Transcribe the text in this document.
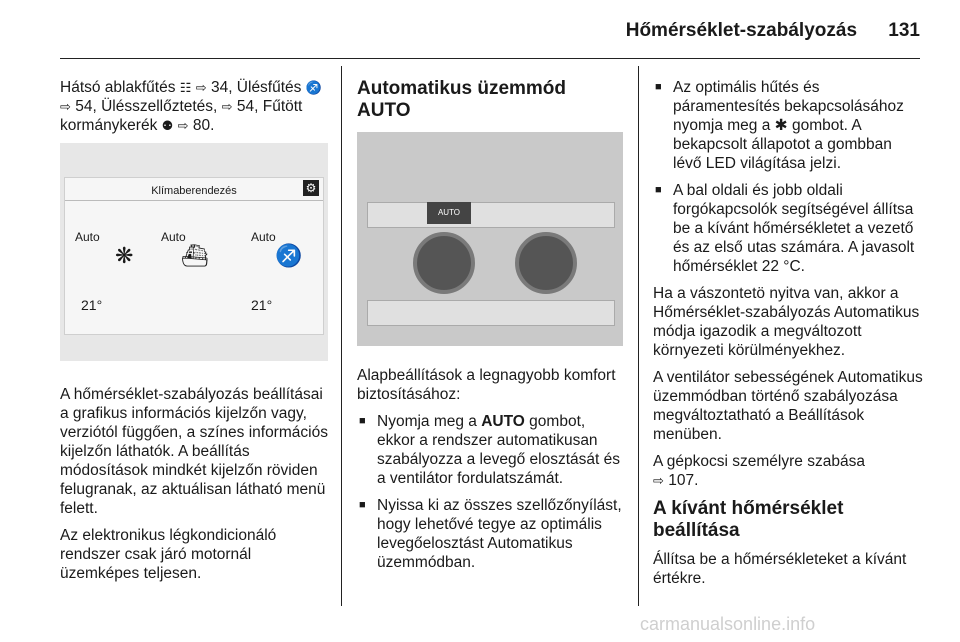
Hőmérséklet-szabályozás 131

Hátsó ablakfűtés ☷ ⇨ 34, Ülésfűtés ♐ ⇨ 54, Ülésszellőztetés, ⇨ 54, Fűtött kormánykerék ⚉ ⇨ 80.

Klímaberendezés	⚙
Auto	Auto	Auto
❋ ⛴	♐
21°	21°

A hőmérséklet-szabályozás beállításai a grafikus információs kijelzőn vagy, verziótól függően, a színes információs kijelzőn láthatók. A beállítás módosítások mindkét kijelzőn röviden felugranak, az aktuálisan látható menü felett.

Az elektronikus légkondicionáló rendszer csak járó motornál üzemképes teljesen.

Automatikus üzemmód AUTO
AUTO

Alapbeállítások a legnagyobb komfort biztosításához:

■ Nyomja meg a AUTO gombot, ekkor a rendszer automatikusan szabályozza a levegő elosztását és a ventilátor fordulatszámát.
■ Nyissa ki az összes szellőzőnyílást, hogy lehetővé tegye az optimális levegőelosztást Automatikus üzemmódban.
■ Az optimális hűtés és páramentesítés bekapcsolásához nyomja meg a ✱ gombot. A bekapcsolt állapotot a gombban lévő LED világítása jelzi.
■ A bal oldali és jobb oldali forgókapcsolók segítségével állítsa be a kívánt hőmérsékletet a vezető és az első utas számára. A javasolt hőmérséklet 22 °C.

Ha a vászontetö nyitva van, akkor a Hőmérséklet-szabályozás Automatikus módja igazodik a megváltozott környezeti körülményekhez.

A ventilátor sebességének Automatikus üzemmódban történő szabályozása megváltoztatható a Beállítások menüben.

A gépkocsi személyre szabása
⇨ 107.

A kívánt hőmérséklet beállítása

Állítsa be a hőmérsékleteket a kívánt értékre.

carmanualsonline.info
